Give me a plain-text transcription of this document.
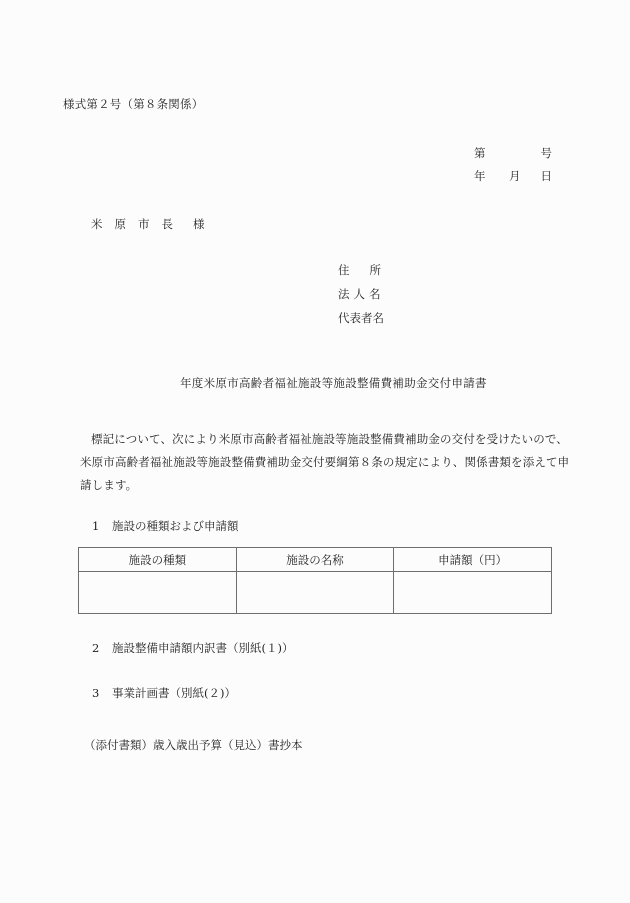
様式第２号（第８条関係）
第	号
年 月 日
米原市長 様
住所
法人名
代表者名
年度米原市高齢者福祉施設等施設整備費補助金交付申請書
標記について、次により米原市高齢者福祉施設等施設整備費補助金の交付を受けたいので、
米原市高齢者福祉施設等施設整備費補助金交付要綱第８条の規定により、関係書類を添えて申
請します。
1 施設の種類および申請額
施設の種類	施設の名称	申請額（円）

2 施設整備申請額内訳書（別紙(１)）
3 事業計画書（別紙(２)）
（添付書類）歳入歳出予算（見込）書抄本
